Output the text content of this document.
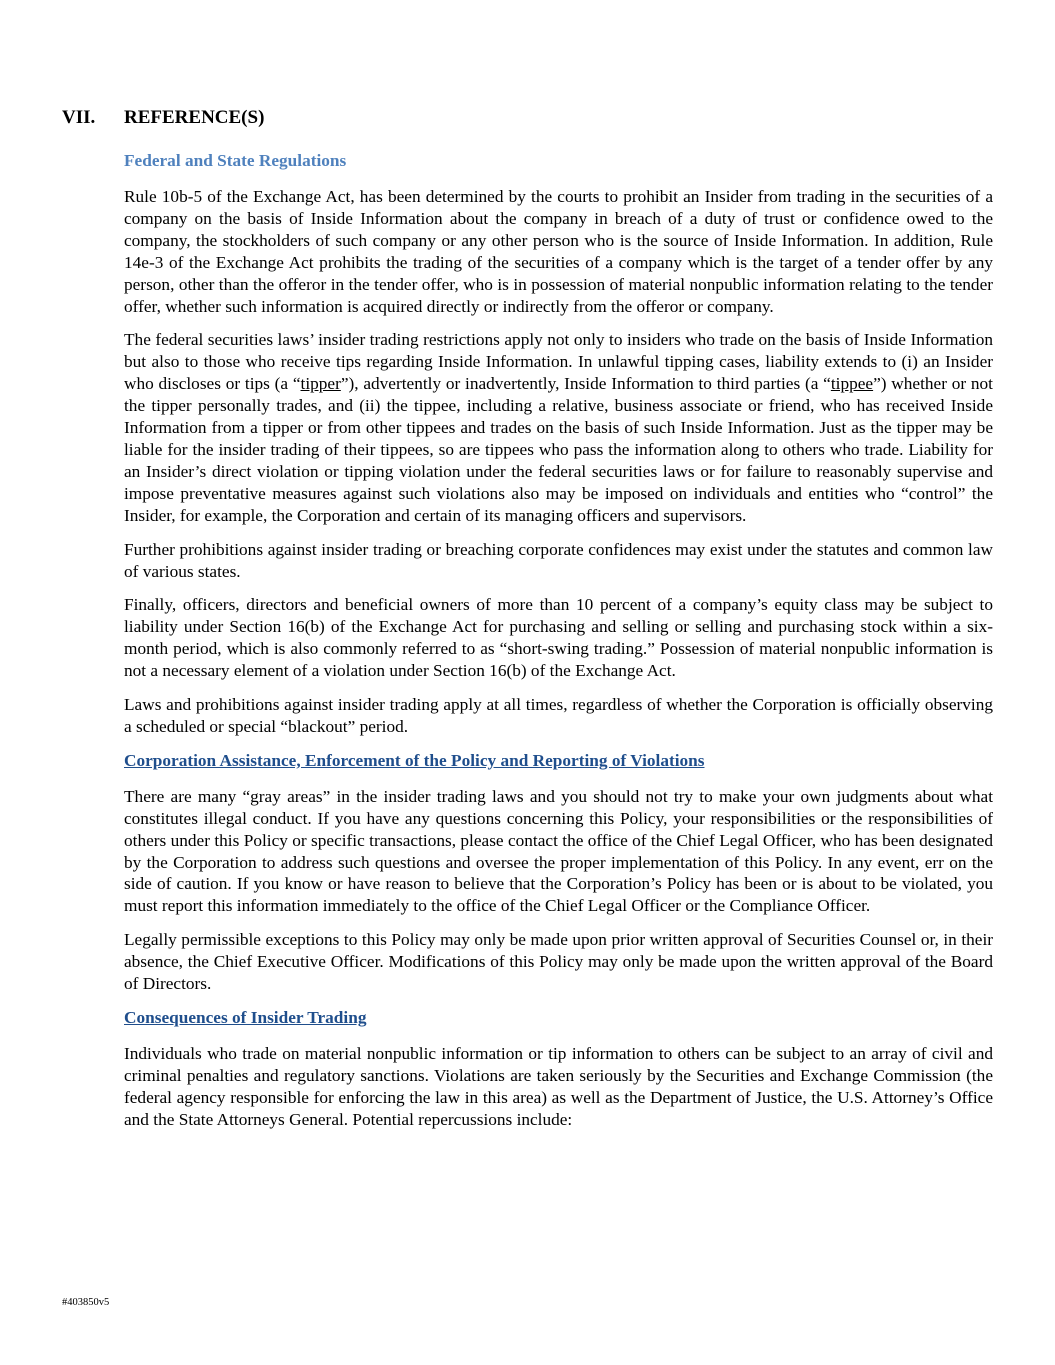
VII. REFERENCE(S)
Federal and State Regulations

Rule 10b-5 of the Exchange Act, has been determined by the courts to prohibit an Insider from trading in the securities of a company on the basis of Inside Information about the company in breach of a duty of trust or confidence owed to the company, the stockholders of such company or any other person who is the source of Inside Information. In addition, Rule 14e-3 of the Exchange Act prohibits the trading of the securities of a company which is the target of a tender offer by any person, other than the offeror in the tender offer, who is in possession of material nonpublic information relating to the tender offer, whether such information is acquired directly or indirectly from the offeror or company.

The federal securities laws’ insider trading restrictions apply not only to insiders who trade on the basis of Inside Information but also to those who receive tips regarding Inside Information. In unlawful tipping cases, liability extends to (i) an Insider who discloses or tips (a “tipper”), advertently or inadvertently, Inside Information to third parties (a “tippee”) whether or not the tipper personally trades, and (ii) the tippee, including a relative, business associate or friend, who has received Inside Information from a tipper or from other tippees and trades on the basis of such Inside Information. Just as the tipper may be liable for the insider trading of their tippees, so are tippees who pass the information along to others who trade. Liability for an Insider’s direct violation or tipping violation under the federal securities laws or for failure to reasonably supervise and impose preventative measures against such violations also may be imposed on individuals and entities who “control” the Insider, for example, the Corporation and certain of its managing officers and supervisors.

Further prohibitions against insider trading or breaching corporate confidences may exist under the statutes and common law of various states.

Finally, officers, directors and beneficial owners of more than 10 percent of a company’s equity class may be subject to liability under Section 16(b) of the Exchange Act for purchasing and selling or selling and purchasing stock within a six-month period, which is also commonly referred to as “short-swing trading.” Possession of material nonpublic information is not a necessary element of a violation under Section 16(b) of the Exchange Act.

Laws and prohibitions against insider trading apply at all times, regardless of whether the Corporation is officially observing a scheduled or special “blackout” period.

Corporation Assistance, Enforcement of the Policy and Reporting of Violations

There are many “gray areas” in the insider trading laws and you should not try to make your own judgments about what constitutes illegal conduct. If you have any questions concerning this Policy, your responsibilities or the responsibilities of others under this Policy or specific transactions, please contact the office of the Chief Legal Officer, who has been designated by the Corporation to address such questions and oversee the proper implementation of this Policy. In any event, err on the side of caution. If you know or have reason to believe that the Corporation’s Policy has been or is about to be violated, you must report this information immediately to the office of the Chief Legal Officer or the Compliance Officer.

Legally permissible exceptions to this Policy may only be made upon prior written approval of Securities Counsel or, in their absence, the Chief Executive Officer. Modifications of this Policy may only be made upon the written approval of the Board of Directors.

Consequences of Insider Trading

Individuals who trade on material nonpublic information or tip information to others can be subject to an array of civil and criminal penalties and regulatory sanctions. Violations are taken seriously by the Securities and Exchange Commission (the federal agency responsible for enforcing the law in this area) as well as the Department of Justice, the U.S. Attorney’s Office and the State Attorneys General. Potential repercussions include:

#403850v5
